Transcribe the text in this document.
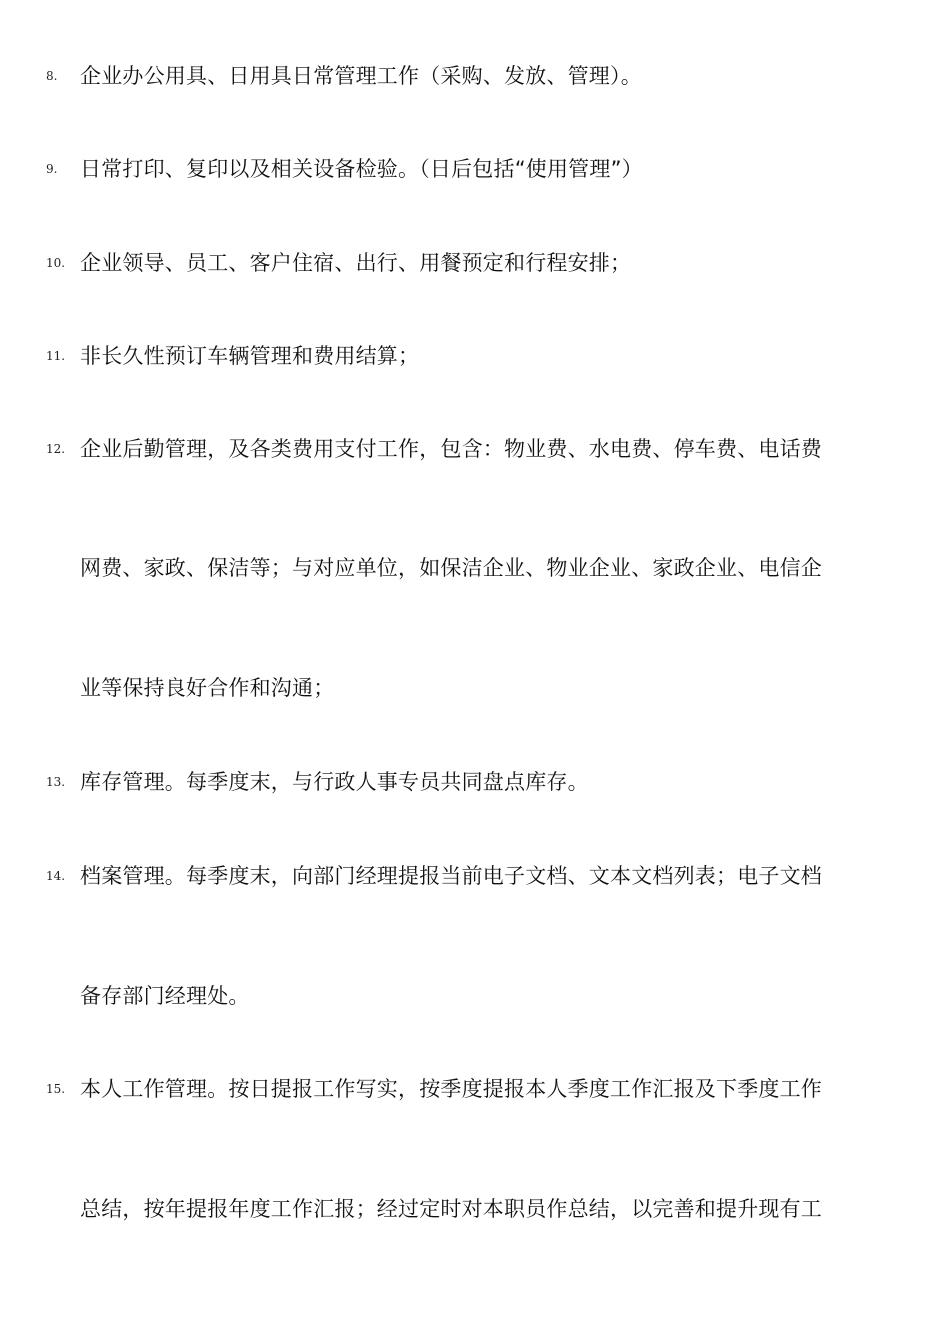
8. 企业办公用具、日用具日常管理工作（采购、发放、管理）。
9. 日常打印、复印以及相关设备检验。（日后包括“使用管理”）
10. 企业领导、员工、客户住宿、出行、用餐预定和行程安排；
11. 非长久性预订车辆管理和费用结算；
12. 企业后勤管理，及各类费用支付工作，包含：物业费、水电费、停车费、电话费
网费、家政、保洁等；与对应单位，如保洁企业、物业企业、家政企业、电信企
业等保持良好合作和沟通；
13. 库存管理。每季度末，与行政人事专员共同盘点库存。
14. 档案管理。每季度末，向部门经理提报当前电子文档、文本文档列表；电子文档
备存部门经理处。
15. 本人工作管理。按日提报工作写实，按季度提报本人季度工作汇报及下季度工作
总结，按年提报年度工作汇报；经过定时对本职员作总结，以完善和提升现有工
